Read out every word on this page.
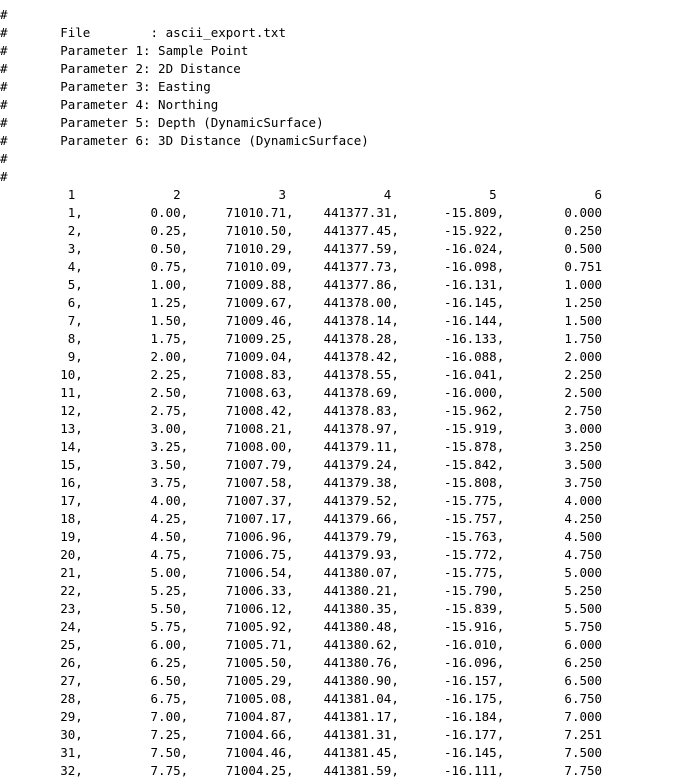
#
#       File        : ascii_export.txt
#       Parameter 1: Sample Point
#       Parameter 2: 2D Distance
#       Parameter 3: Easting
#       Parameter 4: Northing
#       Parameter 5: Depth (DynamicSurface)
#       Parameter 6: 3D Distance (DynamicSurface)
#
#
1             2             3             4             5             6
1,         0.00,     71010.71,    441377.31,      -15.809,        0.000
2,         0.25,     71010.50,    441377.45,      -15.922,        0.250
3,         0.50,     71010.29,    441377.59,      -16.024,        0.500
4,         0.75,     71010.09,    441377.73,      -16.098,        0.751
5,         1.00,     71009.88,    441377.86,      -16.131,        1.000
6,         1.25,     71009.67,    441378.00,      -16.145,        1.250
7,         1.50,     71009.46,    441378.14,      -16.144,        1.500
8,         1.75,     71009.25,    441378.28,      -16.133,        1.750
9,         2.00,     71009.04,    441378.42,      -16.088,        2.000
10,         2.25,     71008.83,    441378.55,      -16.041,        2.250
11,         2.50,     71008.63,    441378.69,      -16.000,        2.500
12,         2.75,     71008.42,    441378.83,      -15.962,        2.750
13,         3.00,     71008.21,    441378.97,      -15.919,        3.000
14,         3.25,     71008.00,    441379.11,      -15.878,        3.250
15,         3.50,     71007.79,    441379.24,      -15.842,        3.500
16,         3.75,     71007.58,    441379.38,      -15.808,        3.750
17,         4.00,     71007.37,    441379.52,      -15.775,        4.000
18,         4.25,     71007.17,    441379.66,      -15.757,        4.250
19,         4.50,     71006.96,    441379.79,      -15.763,        4.500
20,         4.75,     71006.75,    441379.93,      -15.772,        4.750
21,         5.00,     71006.54,    441380.07,      -15.775,        5.000
22,         5.25,     71006.33,    441380.21,      -15.790,        5.250
23,         5.50,     71006.12,    441380.35,      -15.839,        5.500
24,         5.75,     71005.92,    441380.48,      -15.916,        5.750
25,         6.00,     71005.71,    441380.62,      -16.010,        6.000
26,         6.25,     71005.50,    441380.76,      -16.096,        6.250
27,         6.50,     71005.29,    441380.90,      -16.157,        6.500
28,         6.75,     71005.08,    441381.04,      -16.175,        6.750
29,         7.00,     71004.87,    441381.17,      -16.184,        7.000
30,         7.25,     71004.66,    441381.31,      -16.177,        7.251
31,         7.50,     71004.46,    441381.45,      -16.145,        7.500
32,         7.75,     71004.25,    441381.59,      -16.111,        7.750
